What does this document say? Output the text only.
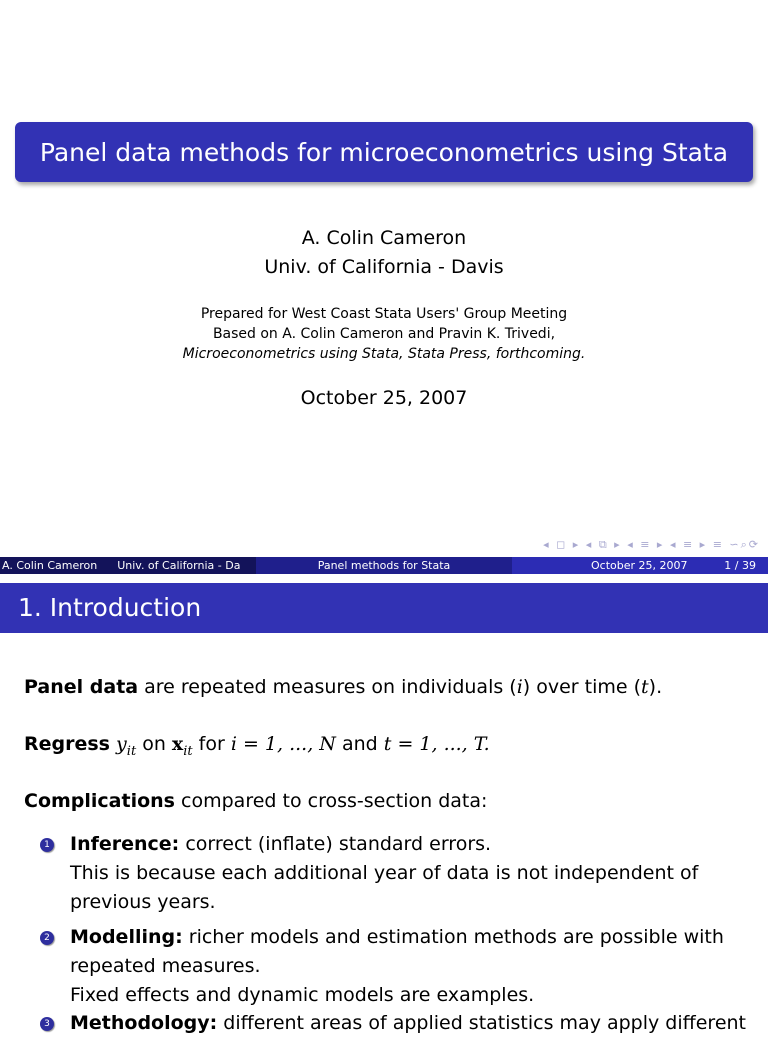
Panel data methods for microeconometrics using Stata
A. Colin Cameron
Univ. of California - Davis
Prepared for West Coast Stata Users' Group Meeting
Based on A. Colin Cameron and Pravin K. Trivedi,
Microeconometrics using Stata, Stata Press, forthcoming.
October 25, 2007
◂ ◻ ▸ ◂ ⧉ ▸ ◂ ≡ ▸ ◂ ≡ ▸ ≡ ∽⌕⟳
A. Colin Cameron Univ. of California - Da	Panel methods for Stata	October 25, 2007	1 / 39
1. Introduction
Panel data are repeated measures on individuals (i) over time (t).
Regress $y_{it}$ on $x_{it}$ for i = 1, ..., N and t = 1, ..., T.
Complications compared to cross-section data:
1 Inference: correct (inflate) standard errors.
This is because each additional year of data is not independent of previous years.
2 Modelling: richer models and estimation methods are possible with repeated measures.
Fixed effects and dynamic models are examples.
3 Methodology: different areas of applied statistics may apply different
